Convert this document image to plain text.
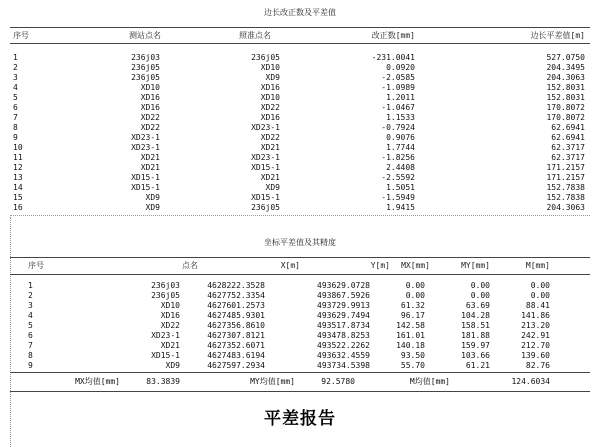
边长改正数及平差值
序号	测站点名	照准点名	改正数[mm]	边长平差值[m]
1	236j03	236j05	-231.0041	527.0750
2	236j05	XD10	0.0920	204.3495
3	236j05	XD9	-2.0585	204.3063
4	XD10	XD16	-1.0989	152.8031
5	XD16	XD10	1.2011	152.8031
6	XD16	XD22	-1.0467	170.8072
7	XD22	XD16	1.1533	170.8072
8	XD22	XD23-1	-0.7924	62.6941
9	XD23-1	XD22	0.9076	62.6941
10	XD23-1	XD21	1.7744	62.3717
11	XD21	XD23-1	-1.8256	62.3717
12	XD21	XD15-1	2.4408	171.2157
13	XD15-1	XD21	-2.5592	171.2157
14	XD15-1	XD9	1.5051	152.7838
15	XD9	XD15-1	-1.5949	152.7838
16	XD9	236j05	1.9415	204.3063
坐标平差值及其精度
序号	点名	X[m]	Y[m]	MX[mm]	MY[mm]	M[mm]
1	236j03	4628222.3528	493629.0728	0.00	0.00	0.00
2	236j05	4627752.3354	493867.5926	0.00	0.00	0.00
3	XD10	4627601.2573	493729.9913	61.32	63.69	88.41
4	XD16	4627485.9301	493629.7494	96.17	104.28	141.86
5	XD22	4627356.8610	493517.8734	142.58	158.51	213.20
6	XD23-1	4627307.8121	493478.8253	161.01	181.88	242.91
7	XD21	4627352.6071	493522.2262	140.18	159.97	212.70
8	XD15-1	4627483.6194	493632.4559	93.50	103.66	139.60
9	XD9	4627597.2934	493734.5398	55.70	61.21	82.76
MX均值[mm]	83.3839	MY均值[mm]	92.5780	M均值[mm]	124.6034
平差报告
